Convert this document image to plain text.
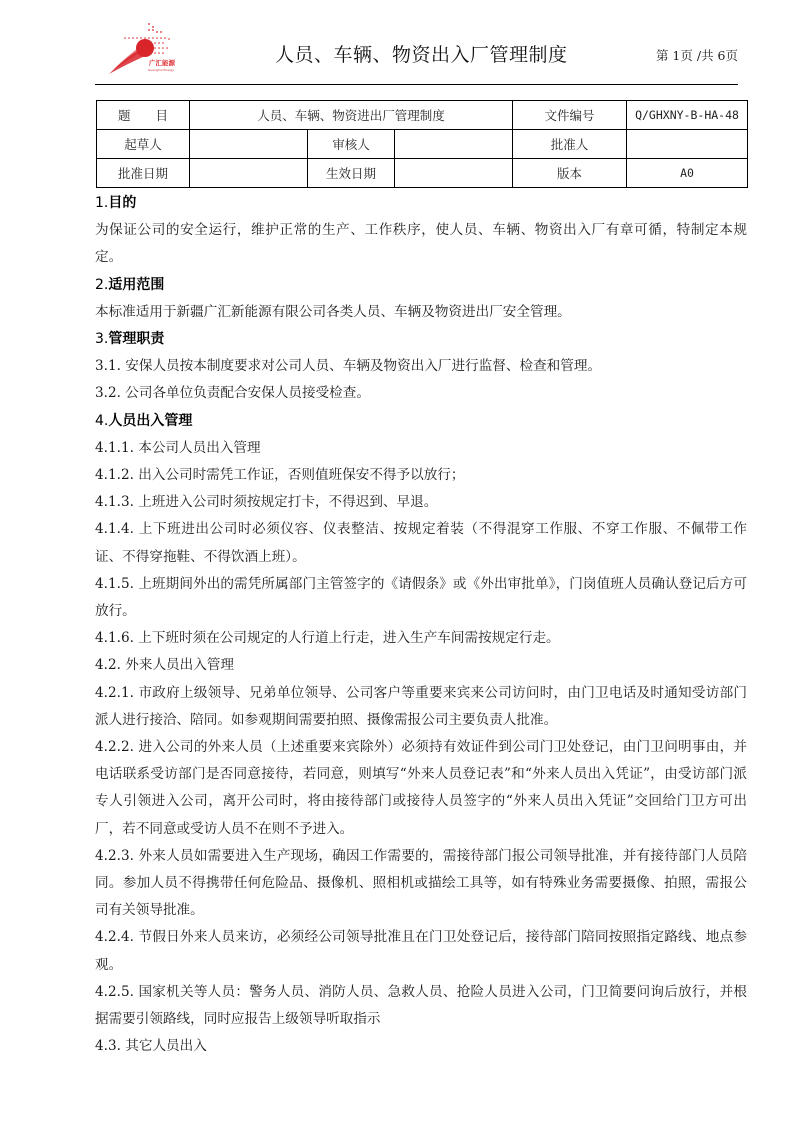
广汇能源
Guanghui Energy
人员、车辆、物资出入厂管理制度	第 1页 /共 6页
题　　目	人员、车辆、物资进出厂管理制度			文件编号	Q/GHXNY-B-HA-48
起草人		审核人		批准人	
批准日期		生效日期		版本	A0

1.目的

为保证公司的安全运行，维护正常的生产、工作秩序，使人员、车辆、物资出入厂有章可循，特制定本规定。

2.适用范围

本标准适用于新疆广汇新能源有限公司各类人员、车辆及物资进出厂安全管理。

3.管理职责

3.1. 安保人员按本制度要求对公司人员、车辆及物资出入厂进行监督、检查和管理。

3.2. 公司各单位负责配合安保人员接受检查。

4.人员出入管理

4.1.1. 本公司人员出入管理

4.1.2. 出入公司时需凭工作证，否则值班保安不得予以放行；

4.1.3. 上班进入公司时须按规定打卡，不得迟到、早退。

4.1.4. 上下班进出公司时必须仪容、仪表整洁、按规定着装（不得混穿工作服、不穿工作服、不佩带工作证、不得穿拖鞋、不得饮酒上班）。

4.1.5. 上班期间外出的需凭所属部门主管签字的《请假条》或《外出审批单》，门岗值班人员确认登记后方可放行。

4.1.6. 上下班时须在公司规定的人行道上行走，进入生产车间需按规定行走。

4.2. 外来人员出入管理

4.2.1. 市政府上级领导、兄弟单位领导、公司客户等重要来宾来公司访问时，由门卫电话及时通知受访部门派人进行接洽、陪同。如参观期间需要拍照、摄像需报公司主要负责人批准。

4.2.2. 进入公司的外来人员（上述重要来宾除外）必须持有效证件到公司门卫处登记，由门卫问明事由，并电话联系受访部门是否同意接待，若同意，则填写“外来人员登记表”和“外来人员出入凭证”，由受访部门派专人引领进入公司，离开公司时，将由接待部门或接待人员签字的“外来人员出入凭证”交回给门卫方可出厂，若不同意或受访人员不在则不予进入。

4.2.3. 外来人员如需要进入生产现场，确因工作需要的，需接待部门报公司领导批准，并有接待部门人员陪同。参加人员不得携带任何危险品、摄像机、照相机或描绘工具等，如有特殊业务需要摄像、拍照，需报公司有关领导批准。

4.2.4. 节假日外来人员来访，必须经公司领导批准且在门卫处登记后，接待部门陪同按照指定路线、地点参观。

4.2.5. 国家机关等人员：警务人员、消防人员、急救人员、抢险人员进入公司，门卫简要问询后放行，并根据需要引领路线，同时应报告上级领导听取指示

4.3. 其它人员出入
